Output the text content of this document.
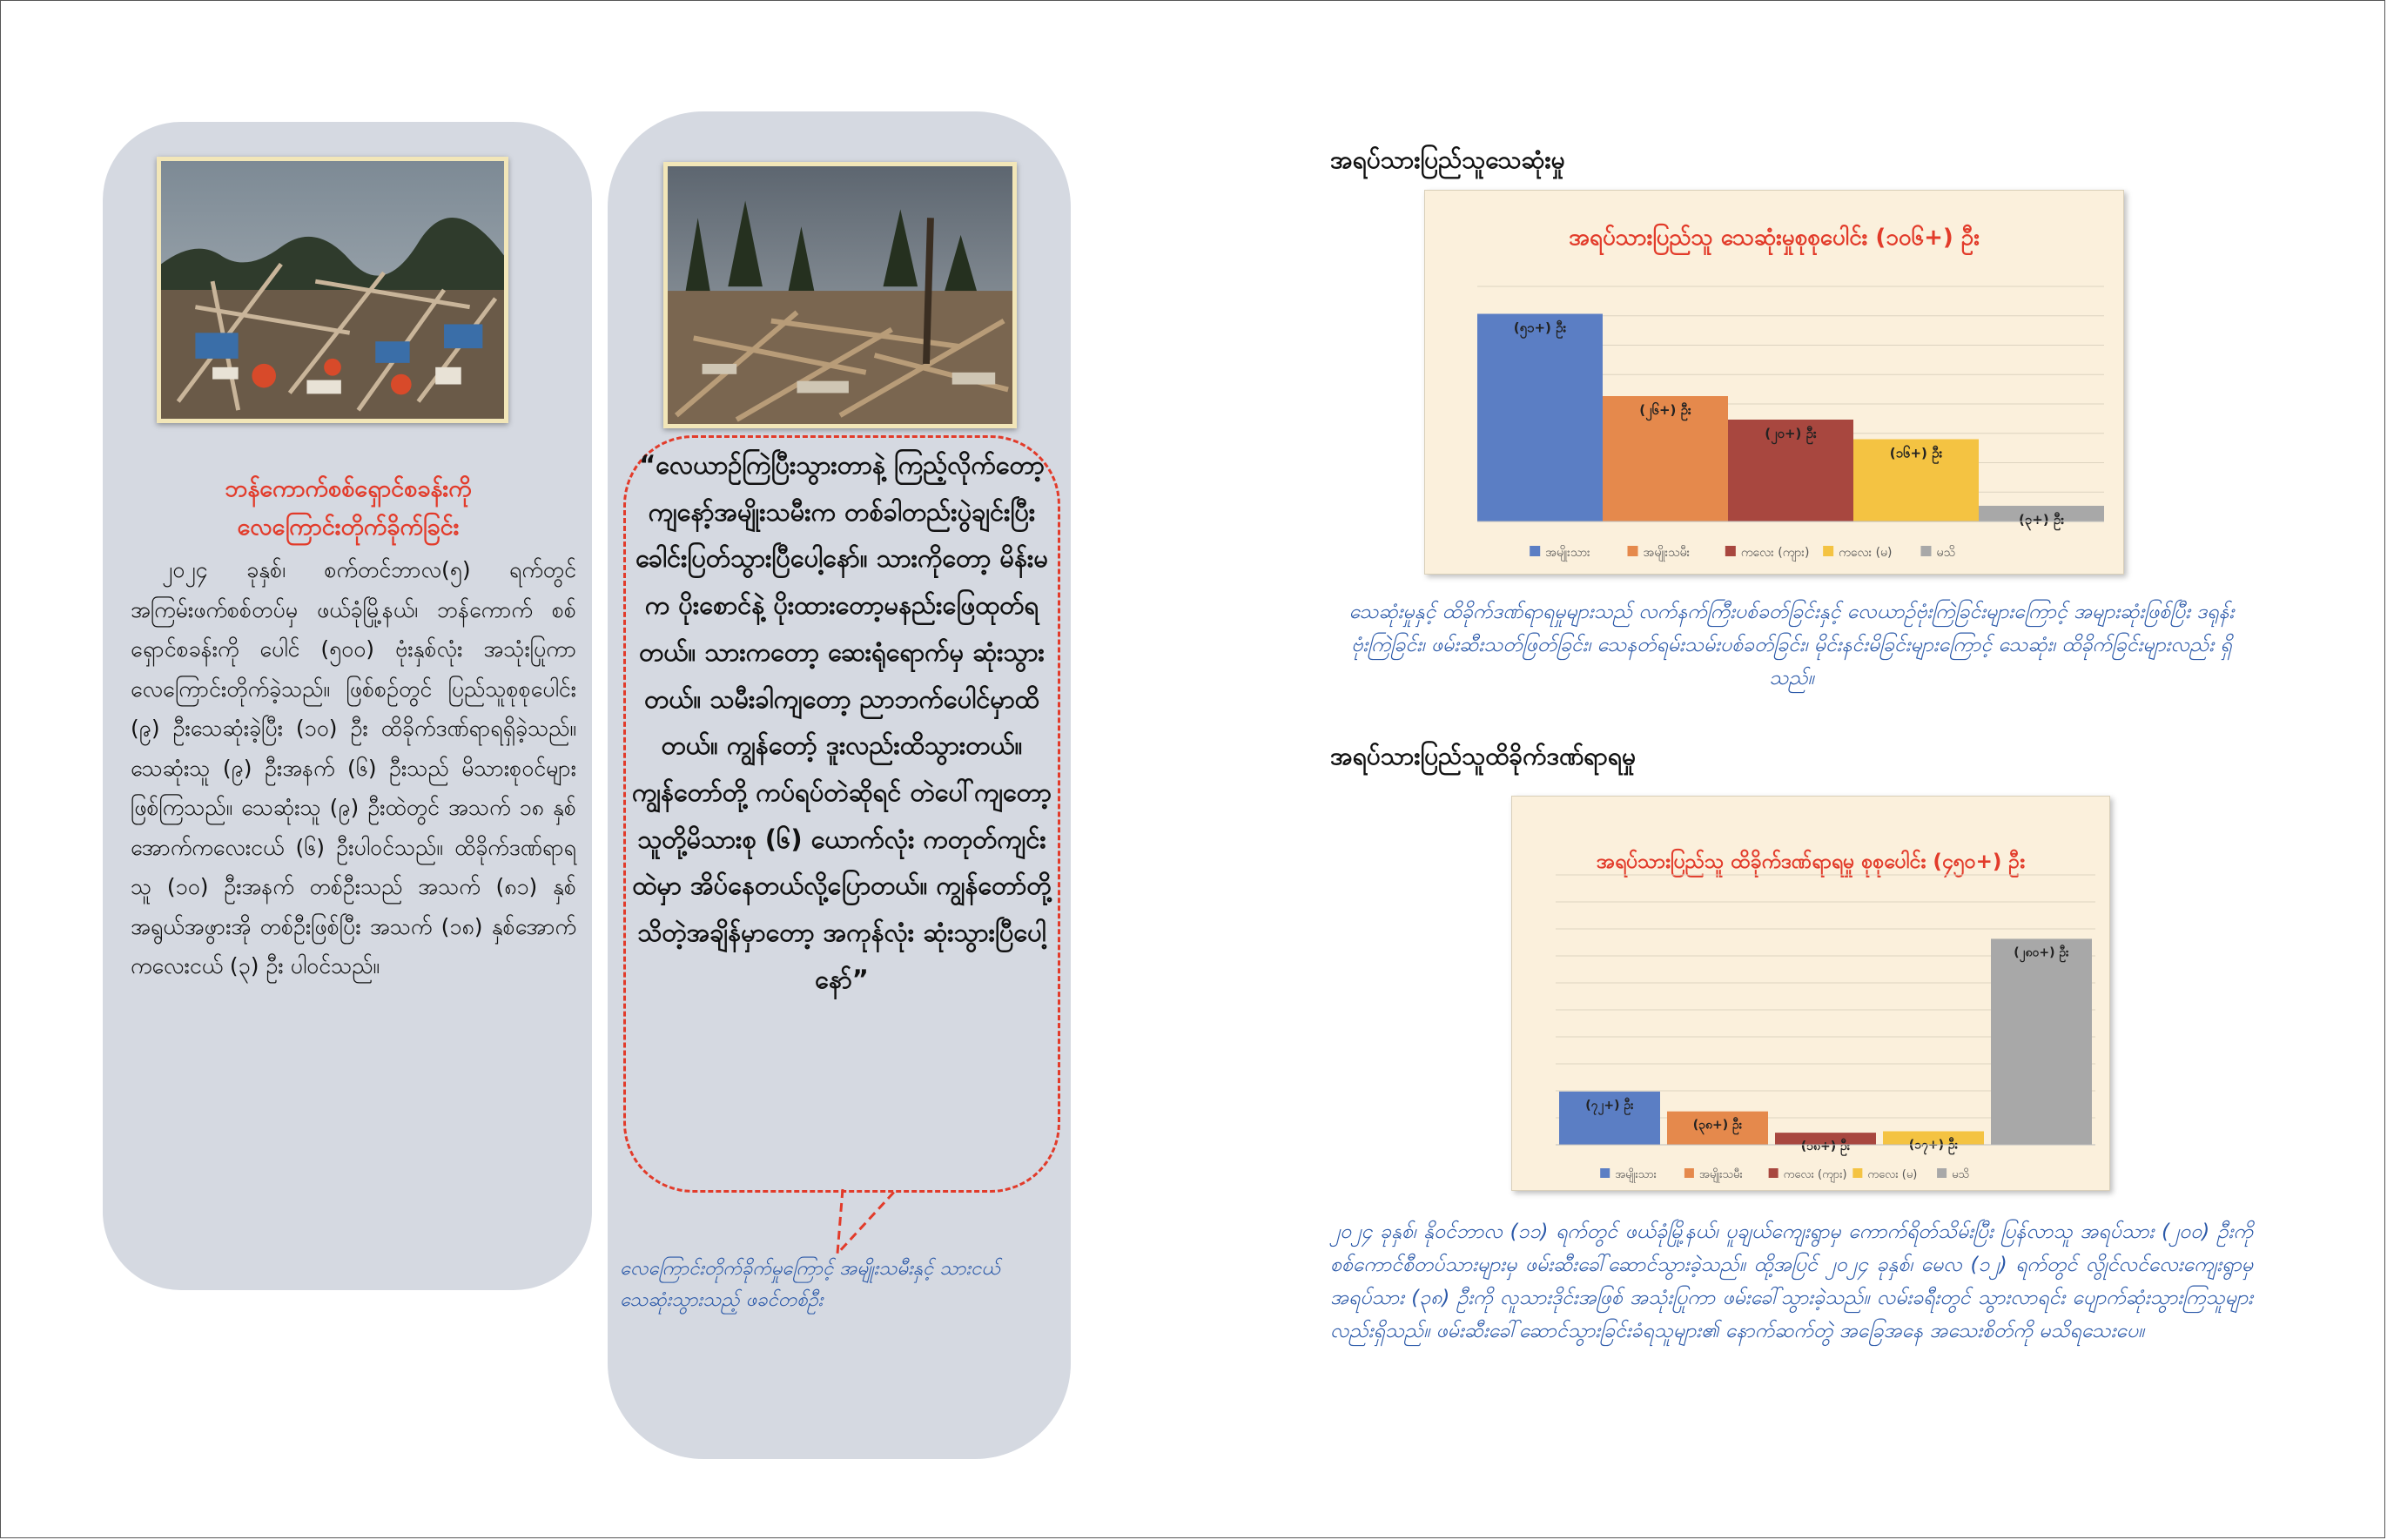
ဘန်ကောက်စစ်ရှောင်စခန်းကို
လေကြောင်းတိုက်ခိုက်ခြင်း

၂၀၂၄ ခုနှစ်၊ စက်တင်ဘာလ(၅) ရက်တွင် အကြမ်းဖက်စစ်တပ်မှ ဖယ်ခုံမြို့နယ်၊ ဘန်ကောက် စစ်ရှောင်စခန်းကို ပေါင် (၅၀၀) ဗုံးနှစ်လုံး အသုံးပြုကာ လေကြောင်းတိုက်ခဲ့သည်။ ဖြစ်စဉ်တွင် ပြည်သူစုစုပေါင်း (၉) ဦးသေဆုံးခဲ့ပြီး (၁၀) ဦး ထိခိုက်ဒဏ်ရာရရှိခဲ့သည်။ သေဆုံးသူ (၉) ဦးအနက် (၆) ဦးသည် မိသားစုဝင်များ ဖြစ်ကြသည်။ သေဆုံးသူ (၉) ဦးထဲတွင် အသက် ၁၈ နှစ်အောက်ကလေးငယ် (၆) ဦးပါဝင်သည်။ ထိခိုက်ဒဏ်ရာရသူ (၁၀) ဦးအနက် တစ်ဦးသည် အသက် (၈၁) နှစ်အရွယ်အဖွားအို တစ်ဦးဖြစ်ပြီး အသက် (၁၈) နှစ်အောက် ကလေးငယ် (၃) ဦး ပါဝင်သည်။

“လေယာဥ်ကြဲပြီးသွားတာနဲ့ ကြည့်လိုက်တော့ ကျနော့်အမျိုးသမီးက တစ်ခါတည်းပွဲချင်းပြီး ခေါင်းပြတ်သွားပြီပေါ့နော်။ သားကိုတော့ မိန်းမက ပိုးစောင်နဲ့ ပိုးထားတော့မနည်းဖြေထုတ်ရတယ်။ သားကတော့ ဆေးရုံရောက်မှ ဆုံးသွားတယ်။ သမီးခါကျတော့ ညာဘက်ပေါင်မှာထိတယ်။ ကျွန်တော့် ဒူးလည်းထိသွားတယ်။ ကျွန်တော်တို့ ကပ်ရပ်တဲဆိုရင် တဲပေါ်ကျတော့ သူတို့မိသားစု (၆) ယောက်လုံး ကတုတ်ကျင်းထဲမှာ အိပ်နေတယ်လို့ပြောတယ်။ ကျွန်တော်တို့ သိတဲ့အချိန်မှာတော့ အကုန်လုံး ဆုံးသွားပြီပေါ့နော်”
လေကြောင်းတိုက်ခိုက်မှုကြောင့် အမျိုးသမီးနှင့် သားငယ်သေဆုံးသွားသည့် ဖခင်တစ်ဦး
အရပ်သားပြည်သူသေဆုံးမှု
အရပ်သားပြည်သူ သေဆုံးမှုစုစုပေါင်း (၁၀၆+) ဦး
(၅၁+) ဦး
(၂၆+) ဦး
(၂၀+) ဦး
(၁၆+) ဦး
(၃+) ဦး
အမျိုးသား	အမျိုးသမီး	ကလေး (ကျား) ကလေး (မ)	မသိ
သေဆုံးမှုနှင့် ထိခိုက်ဒဏ်ရာရမှုများသည် လက်နက်ကြီးပစ်ခတ်ခြင်းနှင့် လေယာဥ်ဗုံးကြဲခြင်းများကြောင့် အများဆုံးဖြစ်ပြီး ဒရုန်းဗုံးကြဲခြင်း၊ ဖမ်းဆီးသတ်ဖြတ်ခြင်း၊ သေနတ်ရမ်းသမ်းပစ်ခတ်ခြင်း၊ မိုင်းနင်းမိခြင်းများကြောင့် သေဆုံး၊ ထိခိုက်ခြင်းများလည်း ရှိသည်။
အရပ်သားပြည်သူထိခိုက်ဒဏ်ရာရမှု
အရပ်သားပြည်သူ ထိခိုက်ဒဏ်ရာရမှု စုစုပေါင်း (၄၅၀+) ဦး
(၇၂+) ဦး
(၃၈+) ဦး
(၁၈+) ဦး	(၁၇+) ဦး
(၂၈၀+) ဦး
အမျိုးသား	အမျိုးသမီး	ကလေး (ကျား) ကလေး (မ)	မသိ
၂၀၂၄ ခုနှစ်၊ နိုဝင်ဘာလ (၁၁) ရက်တွင် ဖယ်ခုံမြို့နယ်၊ ပူချယ်ကျေးရွာမှ ကောက်ရိတ်သိမ်းပြီး ပြန်လာသူ အရပ်သား (၂၀၀) ဦးကို စစ်ကောင်စီတပ်သားများမှ ဖမ်းဆီးခေါ်ဆောင်သွားခဲ့သည်။ ထို့အပြင် ၂၀၂၄ ခုနှစ်၊ မေလ (၁၂) ရက်တွင် လွိုင်လင်လေးကျေးရွာမှ အရပ်သား (၃၈) ဦးကို လူသားဒိုင်းအဖြစ် အသုံးပြုကာ ဖမ်းခေါ်သွားခဲ့သည်။ လမ်းခရီးတွင် သွားလာရင်း ပျောက်ဆုံးသွားကြသူများလည်းရှိသည်။ ဖမ်းဆီးခေါ်ဆောင်သွားခြင်းခံရသူများ၏ နောက်ဆက်တွဲ အခြေအနေ အသေးစိတ်ကို မသိရသေးပေ။
